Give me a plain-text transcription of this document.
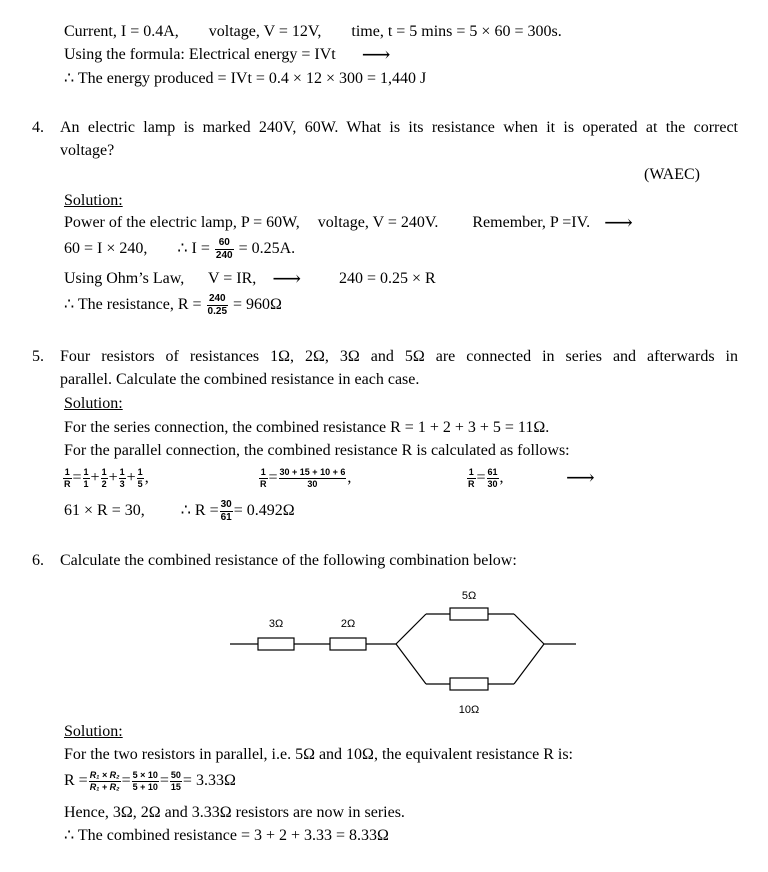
Current, I = 0.4A, voltage, V = 12V, time, t = 5 mins = 5 × 60 = 300s.
Using the formula: Electrical energy = IVt ⟶
∴ The energy produced = IVt = 0.4 × 12 × 300 = 1,440 J
4. An electric lamp is marked 240V, 60W. What is its resistance when it is operated at the correct
voltage?
(WAEC)
Solution:
Power of the electric lamp, P = 60W, voltage, V = 240V. Remember, P =IV. ⟶
60 = I × 240, ∴ $I = \frac{60}{240} = 0.25A$.
Using Ohm’s Law, V = IR, ⟶ 240 = 0.25 × R
∴ The resistance, $R = \frac{240}{0.25} = 960\Omega$
5. Four resistors of resistances 1Ω, 2Ω, 3Ω and 5Ω are connected in series and afterwards in
parallel. Calculate the combined resistance in each case.
Solution:
For the series connection, the combined resistance R = 1 + 2 + 3 + 5 = 11Ω.
For the parallel connection, the combined resistance R is calculated as follows:
$\frac{1}{R} = \frac{1}{1} + \frac{1}{2} + \frac{1}{3} + \frac{1}{5}$ ,	$\frac{1}{R} = \frac{30 + 15 + 10 + 6}{30}$ ,	$\frac{1}{R} = \frac{61}{30}$ ,	⟶
61 × R = 30, ∴ $R = \frac{30}{61} = 0.492\Omega$
6. Calculate the combined resistance of the following combination below:
3Ω	2Ω
5Ω
10Ω
Solution:
For the two resistors in parallel, i.e. 5Ω and 10Ω, the equivalent resistance R is:
$R = \frac{\text{R₁ × R₂}}{\text{R₁ + R₂}} = \frac{5 \times 10}{5 + 10} = \frac{50}{15} = 3.33\Omega$
Hence, 3Ω, 2Ω and 3.33Ω resistors are now in series.
∴ The combined resistance = 3 + 2 + 3.33 = 8.33Ω
